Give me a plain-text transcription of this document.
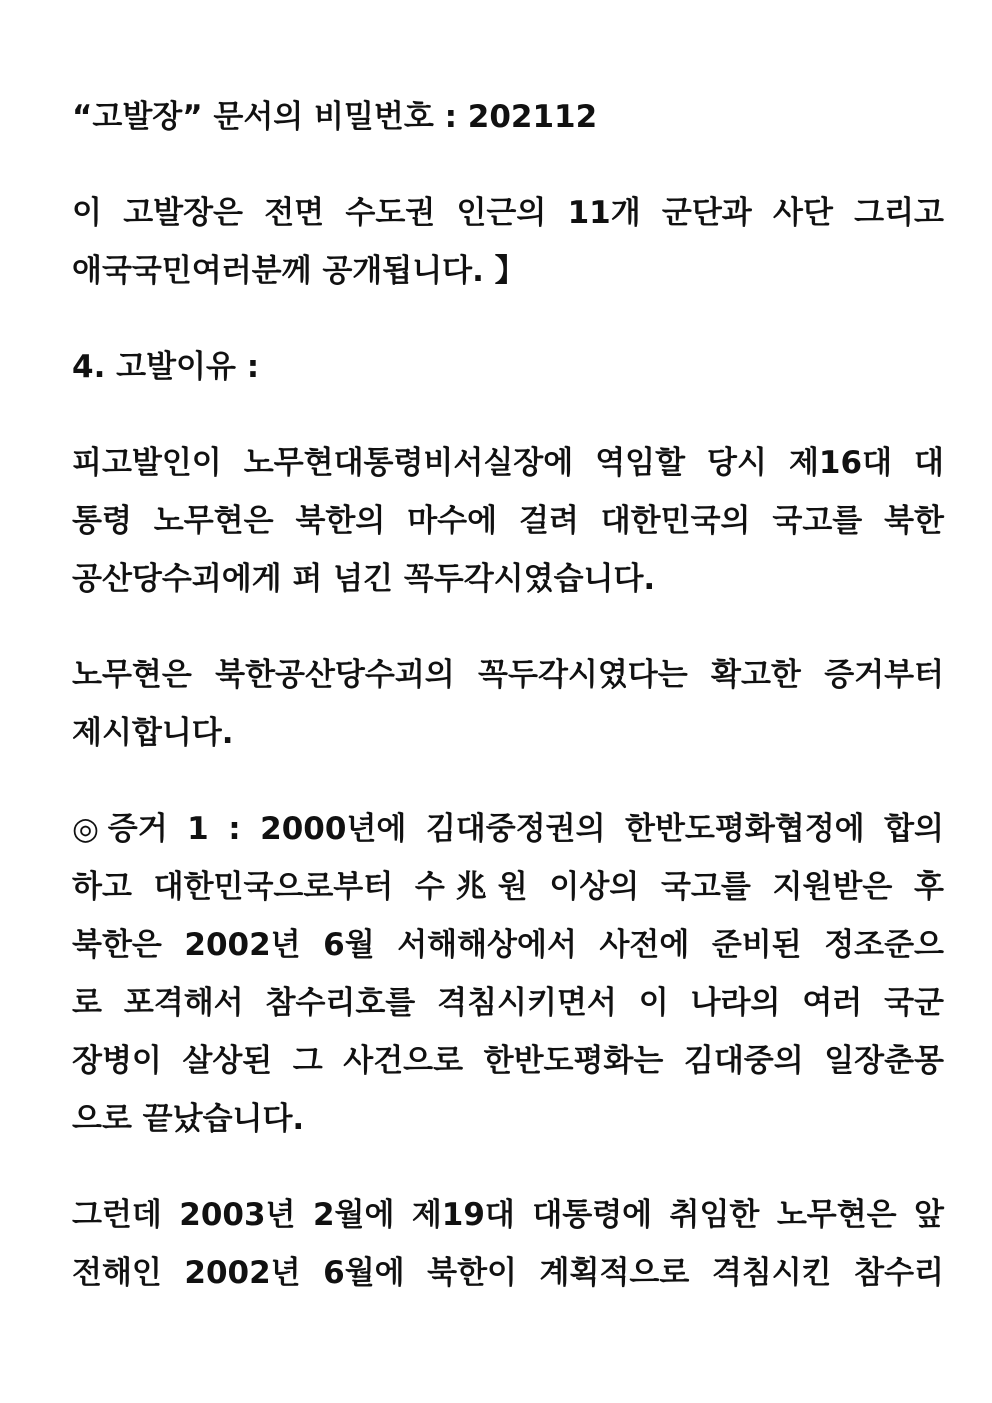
“고발장” 문서의 비밀번호 : 202112
이 고발장은 전면 수도권 인근의 11개 군단과 사단 그리고
애국국민여러분께 공개됩니다. 】
4. 고발이유 :
피고발인이 노무현대통령비서실장에 역임할 당시 제16대 대
통령 노무현은 북한의 마수에 걸려 대한민국의 국고를 북한
공산당수괴에게 퍼 넘긴 꼭두각시였습니다.
노무현은 북한공산당수괴의 꼭두각시였다는 확고한 증거부터
제시합니다.
◎증거 1 : 2000년에 김대중정권의 한반도평화협정에 합의
하고 대한민국으로부터 수兆원 이상의 국고를 지원받은 후
북한은 2002년 6월 서해해상에서 사전에 준비된 정조준으
로 포격해서 참수리호를 격침시키면서 이 나라의 여러 국군
장병이 살상된 그 사건으로 한반도평화는 김대중의 일장춘몽
으로 끝났습니다.
그런데 2003년 2월에 제19대 대통령에 취임한 노무현은 앞
전해인 2002년 6월에 북한이 계획적으로 격침시킨 참수리
